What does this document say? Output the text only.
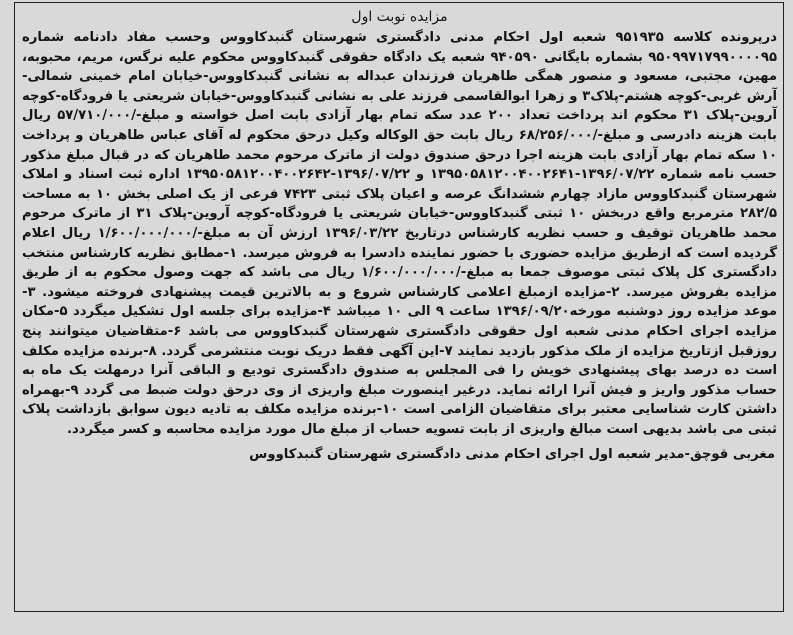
مزایده نوبت اول
درپرونده کلاسه ۹۵۱۹۳۵ شعبه اول احکام مدنی دادگستری شهرستان گنبدکاووس وحسب مفاد دادنامه شماره ۹۵۰۹۹۷۱۷۹۹۰۰۰۰۹۵ بشماره بایگانی ۹۴۰۵۹۰ شعبه یک دادگاه حقوقی گنبدکاووس محکوم علیه نرگس، مریم، محبوبه، مهین، مجتبی، مسعود و منصور همگی طاهریان فرزندان عبداله به نشانی گنبدکاووس-خیابان امام خمینی شمالی-آرش غربی-کوچه هشتم-پلاک۳ و زهرا ابوالقاسمی فرزند علی به نشانی گنبدکاووس-خیابان شریعتی یا فرودگاه-کوچه آروین-پلاک ۳۱ محکوم اند پرداخت تعداد ۲۰۰ عدد سکه تمام بهار آزادی بابت اصل خواسته و مبلغ-/۵۷/۷۱۰/۰۰۰ ریال بابت هزینه دادرسی و مبلغ-/۶۸/۲۵۶/۰۰۰ ریال بابت حق الوکاله وکیل درحق محکوم له آقای عباس طاهریان و پرداخت ۱۰ سکه تمام بهار آزادی بابت هزینه اجرا درحق صندوق دولت از ماترک مرحوم محمد طاهریان که در قبال مبلغ مذکور حسب نامه شماره ۱۳۹۶/۰۷/۲۲-۱۳۹۵۰۵۸۱۲۰۰۴۰۰۲۶۴۱ و ۱۳۹۶/۰۷/۲۲-۱۳۹۵۰۵۸۱۲۰۰۴۰۰۲۶۴۲ اداره ثبت اسناد و املاک شهرستان گنبدکاووس مازاد چهارم ششدانگ عرصه و اعیان پلاک ثبتی ۷۴۲۳ فرعی از یک اصلی بخش ۱۰ به مساحت ۲۸۲/۵ مترمربع واقع دربخش ۱۰ ثبتی گنبدکاووس-خیابان شریعتی یا فرودگاه-کوچه آروین-پلاک ۳۱ از ماترک مرحوم محمد طاهریان توقیف و حسب نظریه کارشناس درتاریخ ۱۳۹۶/۰۳/۲۲ ارزش آن به مبلغ-/۱/۶۰۰/۰۰۰/۰۰۰ ریال اعلام گردیده است که ازطریق مزایده حضوری با حضور نماینده دادسرا به فروش میرسد. ۱-مطابق نظریه کارشناس منتخب دادگستری کل پلاک ثبتی موصوف جمعا به مبلغ-/۱/۶۰۰/۰۰۰/۰۰۰ ریال می باشد که جهت وصول محکوم به از طریق مزایده بفروش میرسد. ۲-مزایده ازمبلغ اعلامی کارشناس شروع و به بالاترین قیمت پیشنهادی فروخته میشود. ۳-موعد مزایده روز دوشنبه مورخه۱۳۹۶/۰۹/۲۰ ساعت ۹ الی ۱۰ میباشد ۴-مزایده برای جلسه اول تشکیل میگردد ۵-مکان مزایده اجرای احکام مدنی شعبه اول حقوقی دادگستری شهرستان گنبدکاووس می باشد ۶-متقاضیان میتوانند پنج روزقبل ازتاریخ مزایده از ملک مذکور بازدید نمایند ۷-این آگهی فقط دریک نوبت منتشرمی گردد. ۸-برنده مزایده مکلف است ده درصد بهای پیشنهادی خویش را فی المجلس به صندوق دادگستری تودیع و الباقی آنرا درمهلت یک ماه به حساب مذکور واریز و فیش آنرا ارائه نماید. درغیر اینصورت مبلغ واریزی از وی درحق دولت ضبط می گردد ۹-بهمراه داشتن کارت شناسایی معتبر برای متقاضیان الزامی است ۱۰-برنده مزایده مکلف به تادیه دیون سوابق بازداشت پلاک ثبتی می باشد بدیهی است مبالغ واریزی از بابت تسویه حساب از مبلغ مال مورد مزایده محاسبه و کسر میگردد.
مغربی قوچق-مدیر شعبه اول اجرای احکام مدنی دادگستری شهرستان گنبدکاووس
